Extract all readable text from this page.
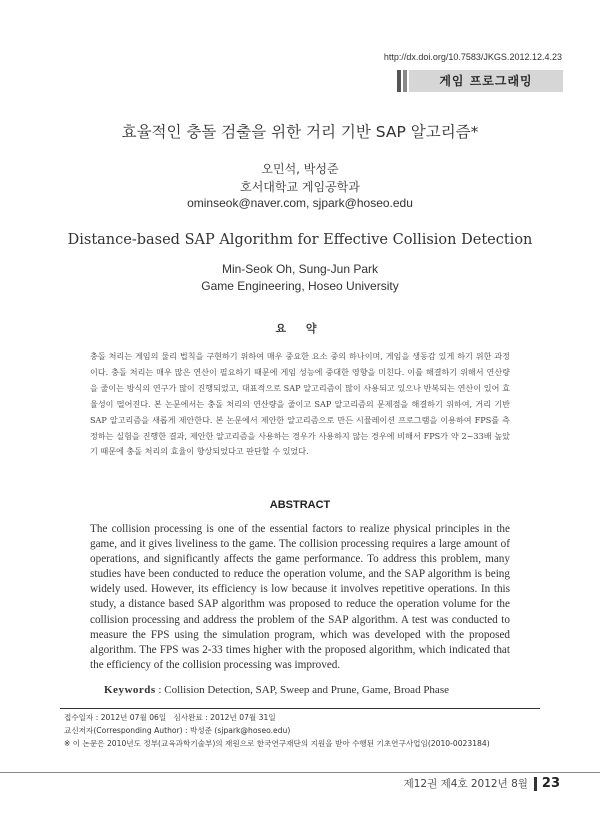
http://dx.doi.org/10.7583/JKGS.2012.12.4.23
게임 프로그래밍
효율적인 충돌 검출을 위한 거리 기반 SAP 알고리즘*
오민석, 박성준
호서대학교 게임공학과
ominseok@naver.com, sjpark@hoseo.edu
Distance-based SAP Algorithm for Effective Collision Detection
Min-Seok Oh, Sung-Jun Park
Game Engineering, Hoseo University
요 약
충돌 처리는 게임의 물리 법칙을 구현하기 위하여 매우 중요한 요소 중의 하나이며, 게임을 생동감 있게 하기 위한 과정이다. 충돌 처리는 매우 많은 연산이 필요하기 때문에 게임 성능에 중대한 영향을 미친다. 이를 해결하기 위해서 연산량을 줄이는 방식의 연구가 많이 진행되었고, 대표적으로 SAP 알고리즘이 많이 사용되고 있으나 반복되는 연산이 있어 효율성이 떨어진다. 본 논문에서는 충돌 처리의 연산량을 줄이고 SAP 알고리즘의 문제점을 해결하기 위하여, 거리 기반 SAP 알고리즘을 새롭게 제안한다. 본 논문에서 제안한 알고리즘으로 만든 시뮬레이션 프로그램을 이용하여 FPS를 측정하는 실험을 진행한 결과, 제안한 알고리즘을 사용하는 경우가 사용하지 않는 경우에 비해서 FPS가 약 2~33배 높았기 때문에 충돌 처리의 효율이 향상되었다고 판단할 수 있었다.
ABSTRACT
The collision processing is one of the essential factors to realize physical principles in the game, and it gives liveliness to the game. The collision processing requires a large amount of operations, and significantly affects the game performance. To address this problem, many studies have been conducted to reduce the operation volume, and the SAP algorithm is being widely used. However, its efficiency is low because it involves repetitive operations. In this study, a distance based SAP algorithm was proposed to reduce the operation volume for the collision processing and address the problem of the SAP algorithm. A test was conducted to measure the FPS using the simulation program, which was developed with the proposed algorithm. The FPS was 2-33 times higher with the proposed algorithm, which indicated that the efficiency of the collision processing was improved.
Keywords : Collision Detection, SAP, Sweep and Prune, Game, Broad Phase
접수일자 : 2012년 07월 06일   심사완료 : 2012년 07월 31일
교신저자(Corresponding Author) : 박성준 (sjpark@hoseo.edu)
※ 이 논문은 2010년도 정부(교육과학기술부)의 재원으로 한국연구재단의 지원을 받아 수행된 기초연구사업임(2010-0023184)
제12권 제4호 2012년 8월 23
